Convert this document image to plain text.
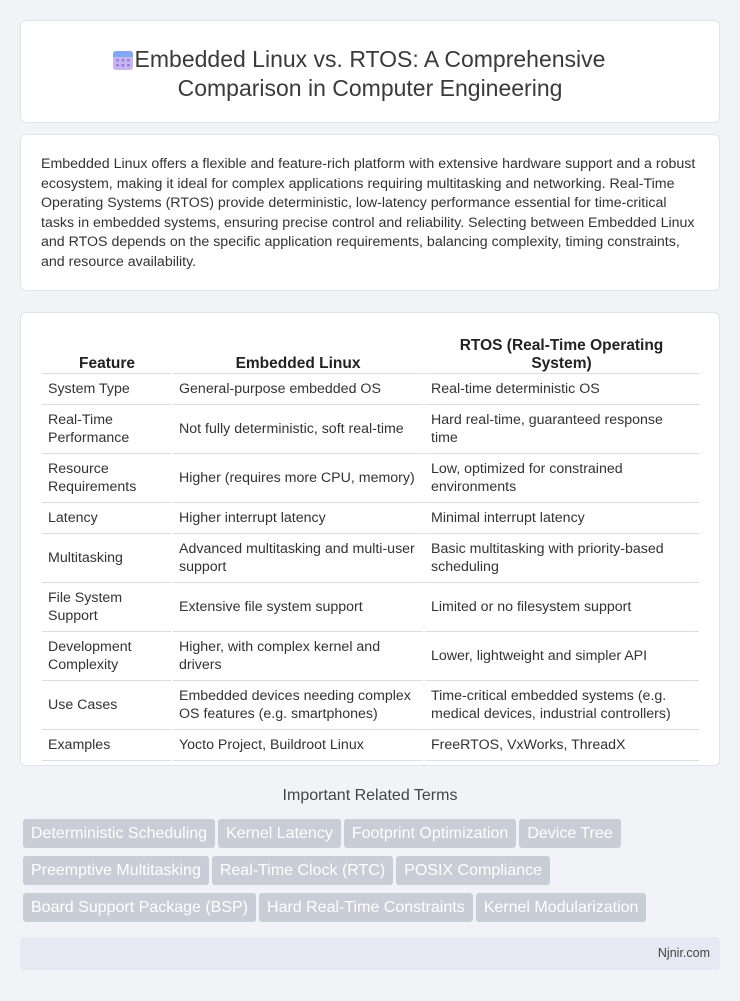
Embedded Linux vs. RTOS: A Comprehensive
Comparison in Computer Engineering

Embedded Linux offers a flexible and feature-rich platform with extensive hardware support and a robust ecosystem, making it ideal for complex applications requiring multitasking and networking. Real-Time Operating Systems (RTOS) provide deterministic, low-latency performance essential for time-critical tasks in embedded systems, ensuring precise control and reliability. Selecting between Embedded Linux and RTOS depends on the specific application requirements, balancing complexity, timing constraints, and resource availability.

Feature	Embedded Linux	RTOS (Real-Time Operating System)
System Type	General-purpose embedded OS	Real-time deterministic OS
Real-Time Performance	Not fully deterministic, soft real-time	Hard real-time, guaranteed response time
Resource Requirements	Higher (requires more CPU, memory)	Low, optimized for constrained environments
Latency	Higher interrupt latency	Minimal interrupt latency
Multitasking	Advanced multitasking and multi-user support	Basic multitasking with priority-based scheduling
File System Support	Extensive file system support	Limited or no filesystem support
Development Complexity	Higher, with complex kernel and drivers	Lower, lightweight and simpler API
Use Cases	Embedded devices needing complex OS features (e.g. smartphones)	Time-critical embedded systems (e.g. medical devices, industrial controllers)
Examples	Yocto Project, Buildroot Linux	FreeRTOS, VxWorks, ThreadX
Important Related Terms
Deterministic Scheduling Kernel Latency Footprint Optimization Device Tree
Preemptive Multitasking Real-Time Clock (RTC) POSIX Compliance
Board Support Package (BSP) Hard Real-Time Constraints Kernel Modularization
Njnir.com
